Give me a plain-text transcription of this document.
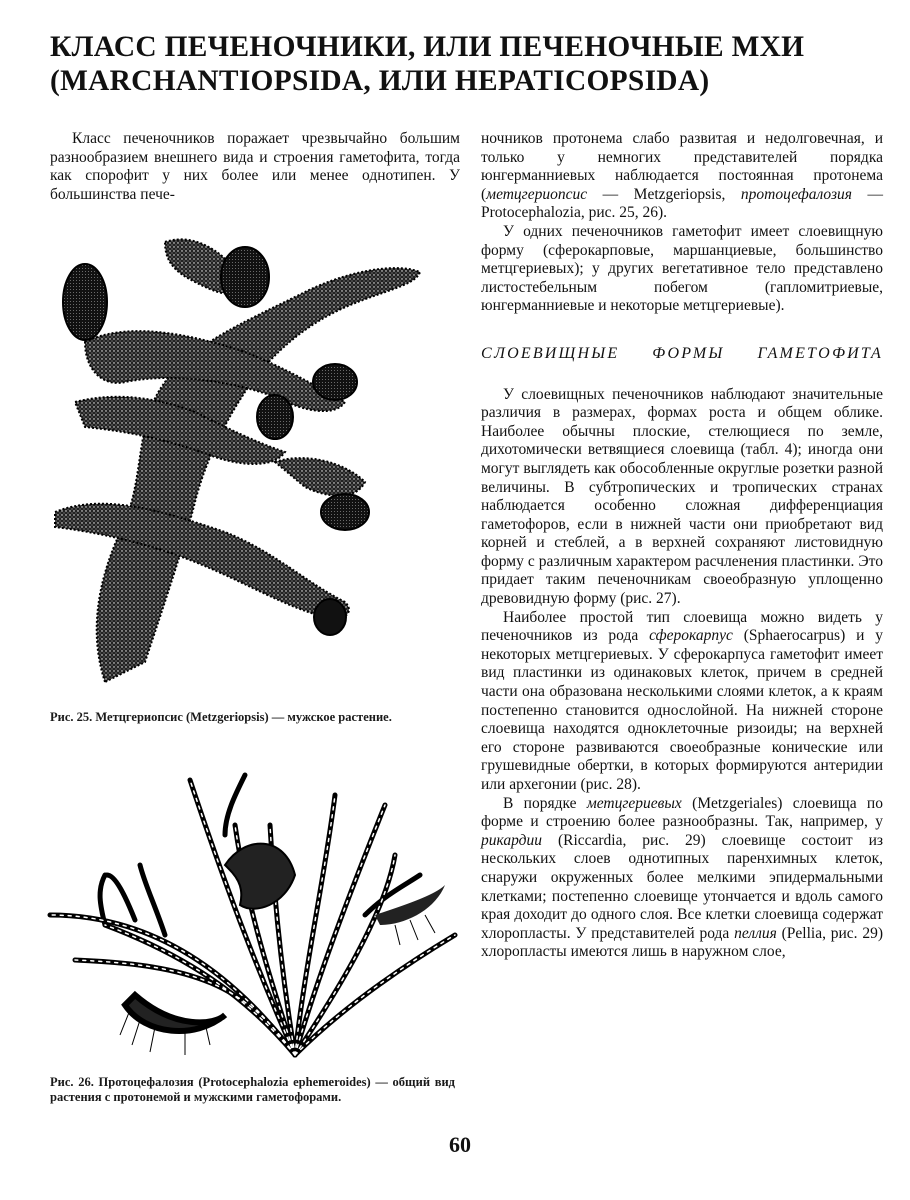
КЛАСС ПЕЧЕНОЧНИКИ, ИЛИ ПЕЧЕНОЧНЫЕ МХИ
(MARCHANTIOPSIDA, ИЛИ HEPATICOPSIDA)

Класс печеночников поражает чрезвычайно большим разнообразием внешнего вида и строения гаметофита, тогда как спорофит у них более или менее однотипен. У большинства пече-

Рис. 25. Метцгериопсис (Metzgeriopsis) — мужское растение.
Рис. 26. Протоцефалозия (Protocephalozia ephemeroides) — общий вид растения с протонемой и мужскими гаметофорами.

ночников протонема слабо развитая и недолговечная, и только у немногих представителей порядка юнгерманниевых наблюдается постоянная протонема (метцгериопсис — Metzgeriopsis, протоцефалозия — Protocephalozia, рис. 25, 26).

У одних печеночников гаметофит имеет слоевищную форму (сферокарповые, маршанциевые, большинство метцгериевых); у других вегетативное тело представлено листостебельным побегом (гапломитриевые, юнгерманниевые и некоторые метцгериевые).

СЛОЕВИЩНЫЕ ФОРМЫ ГАМЕТОФИТА

У слоевищных печеночников наблюдают значительные различия в размерах, формах роста и общем облике. Наиболее обычны плоские, стелющиеся по земле, дихотомически ветвящиеся слоевища (табл. 4); иногда они могут выглядеть как обособленные округлые розетки разной величины. В субтропических и тропических странах наблюдается особенно сложная дифференциация гаметофоров, если в нижней части они приобретают вид корней и стеблей, а в верхней сохраняют листовидную форму с различным характером расчленения пластинки. Это придает таким печеночникам своеобразную уплощенно древовидную форму (рис. 27).

Наиболее простой тип слоевища можно видеть у печеночников из рода сферокарпус (Sphaerocarpus) и у некоторых метцгериевых. У сферокарпуса гаметофит имеет вид пластинки из одинаковых клеток, причем в средней части она образована несколькими слоями клеток, а к краям постепенно становится однослойной. На нижней стороне слоевища находятся одноклеточные ризоиды; на верхней его стороне развиваются своеобразные конические или грушевидные обертки, в которых формируются антеридии или архегонии (рис. 28).

В порядке метцгериевых (Metzgeriales) слоевища по форме и строению более разнообразны. Так, например, у рикардии (Riccardia, рис. 29) слоевище состоит из нескольких слоев однотипных паренхимных клеток, снаружи окруженных более мелкими эпидермальными клетками; постепенно слоевище утончается и вдоль самого края доходит до одного слоя. Все клетки слоевища содержат хлоропласты. У представителей рода пеллия (Pellia, рис. 29) хлоропласты имеются лишь в наружном слое,

60
